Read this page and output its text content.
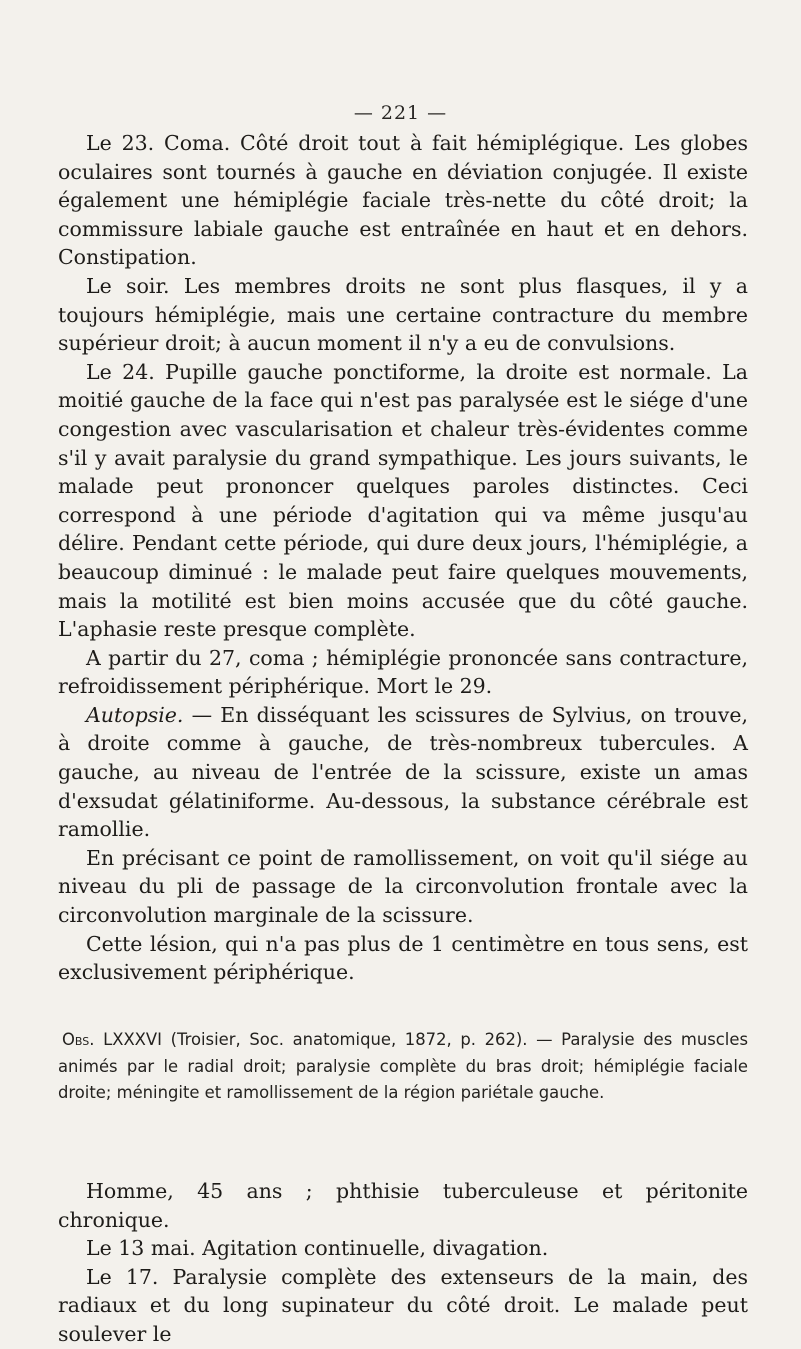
— 221 —

Le 23. Coma. Côté droit tout à fait hémiplégique. Les globes oculaires sont tournés à gauche en déviation conjugée. Il existe également une hémiplégie faciale très-nette du côté droit; la commissure labiale gauche est entraînée en haut et en dehors. Constipation.

Le soir. Les membres droits ne sont plus flasques, il y a toujours hémiplégie, mais une certaine contracture du membre supérieur droit; à aucun moment il n'y a eu de convulsions.

Le 24. Pupille gauche ponctiforme, la droite est normale. La moitié gauche de la face qui n'est pas paralysée est le siége d'une congestion avec vascularisation et chaleur très-évidentes comme s'il y avait paralysie du grand sympathique. Les jours suivants, le malade peut prononcer quelques paroles distinctes. Ceci correspond à une période d'agitation qui va même jusqu'au délire. Pendant cette période, qui dure deux jours, l'hémiplégie, a beaucoup diminué : le malade peut faire quelques mouvements, mais la motilité est bien moins accusée que du côté gauche. L'aphasie reste presque complète.

A partir du 27, coma ; hémiplégie prononcée sans contracture, refroidissement périphérique. Mort le 29.

Autopsie. — En disséquant les scissures de Sylvius, on trouve, à droite comme à gauche, de très-nombreux tubercules. A gauche, au niveau de l'entrée de la scissure, existe un amas d'exsudat gélatiniforme. Au-dessous, la substance cérébrale est ramollie.

En précisant ce point de ramollissement, on voit qu'il siége au niveau du pli de passage de la circonvolution frontale avec la circonvolution marginale de la scissure.

Cette lésion, qui n'a pas plus de 1 centimètre en tous sens, est exclusivement périphérique.

Obs. LXXXVI (Troisier, Soc. anatomique, 1872, p. 262). — Paralysie des muscles animés par le radial droit; paralysie complète du bras droit; hémiplégie faciale droite; méningite et ramollissement de la région pariétale gauche.

Homme, 45 ans ; phthisie tuberculeuse et péritonite chronique.

Le 13 mai. Agitation continuelle, divagation.

Le 17. Paralysie complète des extenseurs de la main, des radiaux et du long supinateur du côté droit. Le malade peut soulever le
